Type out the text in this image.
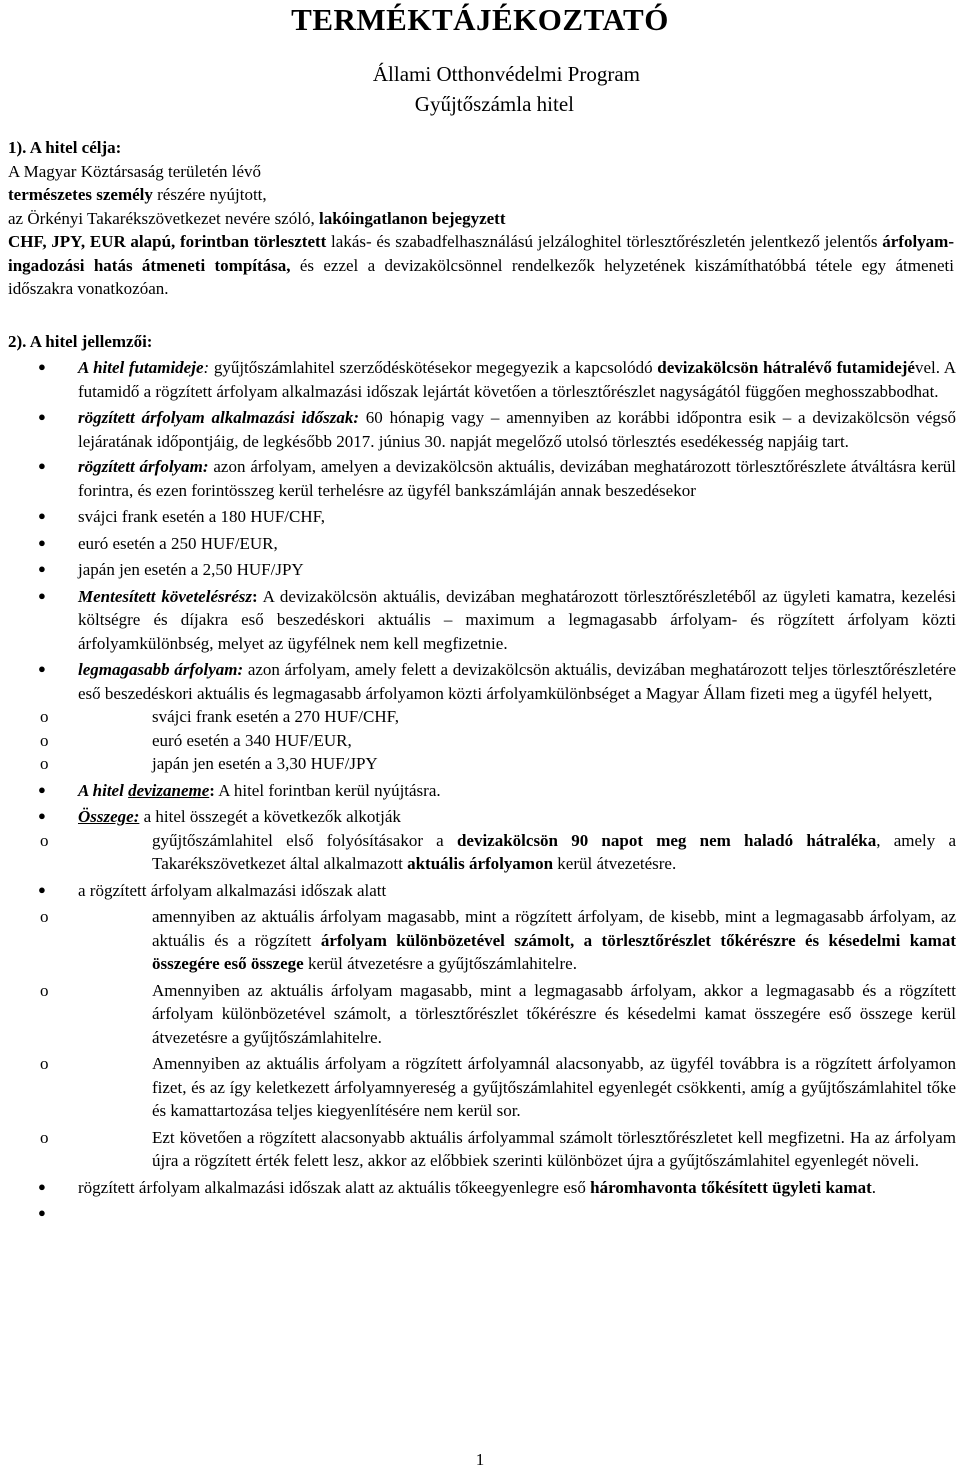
TERMÉKTÁJÉKOZTATÓ
Állami Otthonvédelmi Program
Gyűjtőszámla hitel

1). A hitel célja:

A Magyar Köztársaság területén lévő

természetes személy részére nyújtott,

az Örkényi Takarékszövetkezet nevére szóló, lakóingatlanon bejegyzett

CHF, JPY, EUR alapú, forintban törlesztett lakás- és szabadfelhasználású jelzáloghitel törlesztőrészletén jelentkező jelentős árfolyam-ingadozási hatás átmeneti tompítása, és ezzel a devizakölcsönnel rendelkezők helyzetének kiszámíthatóbbá tétele egy átmeneti időszakra vonatkozóan.

2). A hitel jellemzői:
● A hitel futamideje: gyűjtőszámlahitel szerződéskötésekor megegyezik a kapcsolódó devizakölcsön hátralévő futamidejével. A futamidő a rögzített árfolyam alkalmazási időszak lejártát követően a törlesztőrészlet nagyságától függően meghosszabbodhat.
● rögzített árfolyam alkalmazási időszak: 60 hónapig vagy – amennyiben az korábbi időpontra esik – a devizakölcsön végső lejáratának időpontjáig, de legkésőbb 2017. június 30. napját megelőző utolsó törlesztés esedékesség napjáig tart.
● rögzített árfolyam: azon árfolyam, amelyen a devizakölcsön aktuális, devizában meghatározott törlesztőrészlete átváltásra kerül forintra, és ezen forintösszeg kerül terhelésre az ügyfél bankszámláján annak beszedésekor
● svájci frank esetén a 180 HUF/CHF,
● euró esetén a 250 HUF/EUR,
● japán jen esetén a 2,50 HUF/JPY
● Mentesített követelésrész: A devizakölcsön aktuális, devizában meghatározott törlesztőrészletéből az ügyleti kamatra, kezelési költségre és díjakra eső beszedéskori aktuális – maximum a legmagasabb árfolyam- és rögzített árfolyam közti árfolyamkülönbség, melyet az ügyfélnek nem kell megfizetnie.
● legmagasabb árfolyam: azon árfolyam, amely felett a devizakölcsön aktuális, devizában meghatározott teljes törlesztőrészletére eső beszedéskori aktuális és legmagasabb árfolyamon közti árfolyamkülönbséget a Magyar Állam fizeti meg a ügyfél helyett,
o svájci frank esetén a 270 HUF/CHF,
o euró esetén a 340 HUF/EUR,
o japán jen esetén a 3,30 HUF/JPY
● A hitel devizaneme: A hitel forintban kerül nyújtásra.
● Összege: a hitel összegét a következők alkotják
o gyűjtőszámlahitel első folyósításakor a devizakölcsön 90 napot meg nem haladó hátraléka, amely a Takarékszövetkezet által alkalmazott aktuális árfolyamon kerül átvezetésre.
● a rögzített árfolyam alkalmazási időszak alatt
o amennyiben az aktuális árfolyam magasabb, mint a rögzített árfolyam, de kisebb, mint a legmagasabb árfolyam, az aktuális és a rögzített árfolyam különbözetével számolt, a törlesztőrészlet tőkérészre és késedelmi kamat összegére eső összege kerül átvezetésre a gyűjtőszámlahitelre.
o Amennyiben az aktuális árfolyam magasabb, mint a legmagasabb árfolyam, akkor a legmagasabb és a rögzített árfolyam különbözetével számolt, a törlesztőrészlet tőkérészre és késedelmi kamat összegére eső összege kerül átvezetésre a gyűjtőszámlahitelre.
o Amennyiben az aktuális árfolyam a rögzített árfolyamnál alacsonyabb, az ügyfél továbbra is a rögzített árfolyamon fizet, és az így keletkezett árfolyamnyereség a gyűjtőszámlahitel egyenlegét csökkenti, amíg a gyűjtőszámlahitel tőke és kamattartozása teljes kiegyenlítésére nem kerül sor.
o Ezt követően a rögzített alacsonyabb aktuális árfolyammal számolt törlesztőrészletet kell megfizetni. Ha az árfolyam újra a rögzített érték felett lesz, akkor az előbbiek szerinti különbözet újra a gyűjtőszámlahitel egyenlegét növeli.
● rögzített árfolyam alkalmazási időszak alatt az aktuális tőkeegyenlegre eső háromhavonta tőkésített ügyleti kamat.
●
1
